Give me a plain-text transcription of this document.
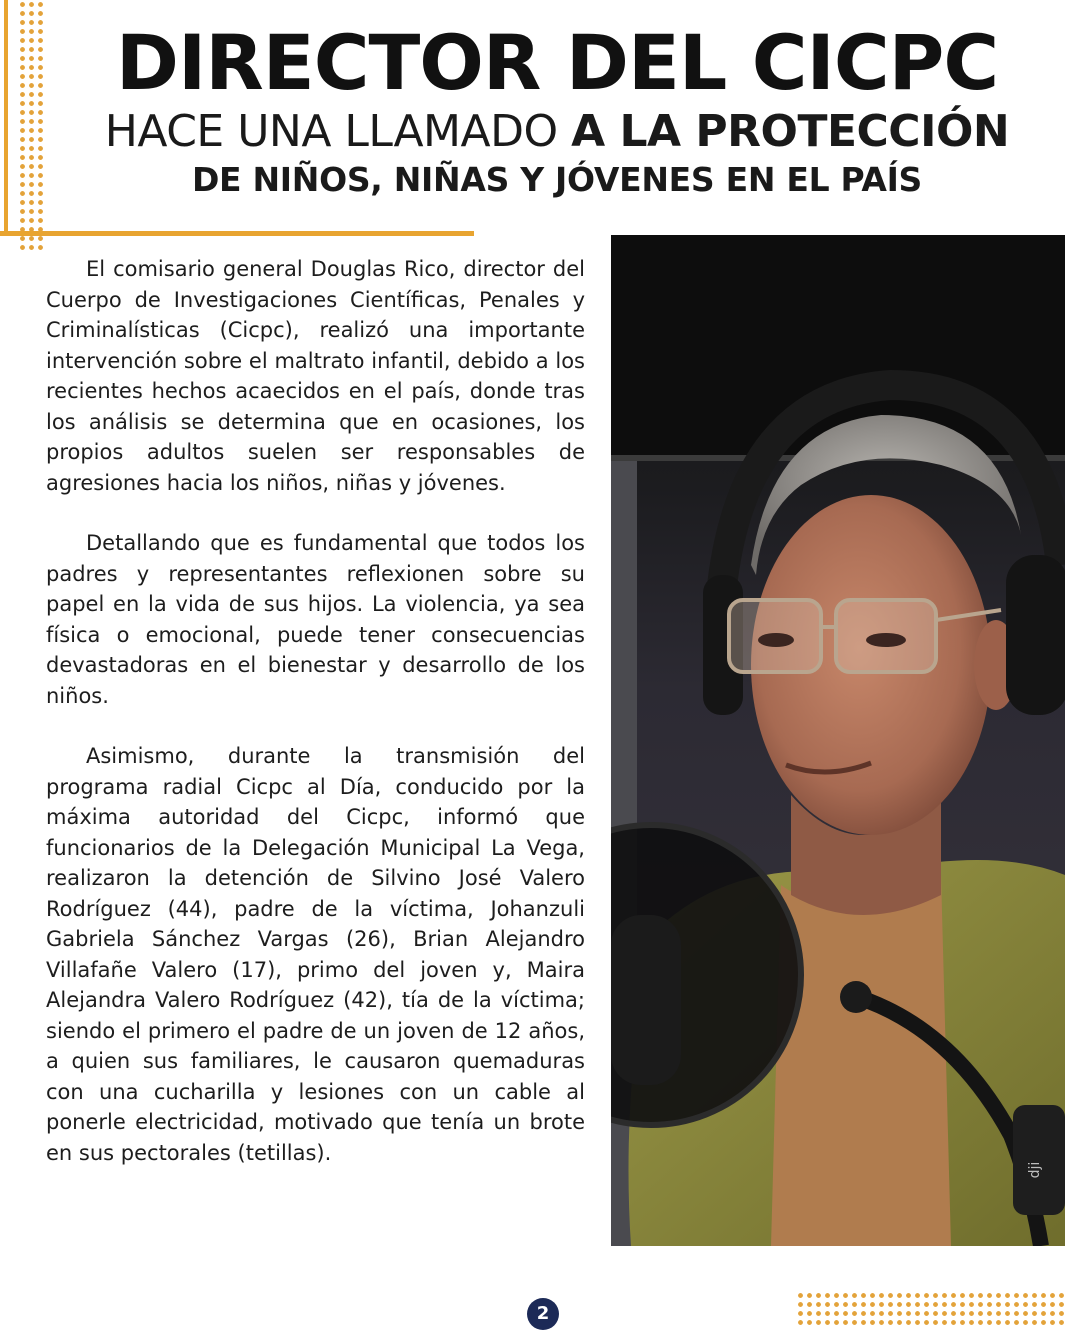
DIRECTOR DEL CICPC
HACE UNA LLAMADO A LA PROTECCIÓN
DE NIÑOS, NIÑAS Y JÓVENES EN EL PAÍS

El comisario general Douglas Rico, director del Cuerpo de Investigaciones Científicas, Penales y Criminalísticas (Cicpc), realizó una importante intervención sobre el maltrato infantil, debido a los recientes hechos acaecidos en el país, donde tras los análisis se determina que en ocasiones, los propios adultos suelen ser responsables de agresiones hacia los niños, niñas y jóvenes.

Detallando que es fundamental que todos los padres y representantes reflexionen sobre su papel en la vida de sus hijos. La violencia, ya sea física o emocional, puede tener consecuencias devastadoras en el bienestar y desarrollo de los niños.

Asimismo, durante la transmisión del programa radial Cicpc al Día, conducido por la máxima autoridad del Cicpc, informó que funcionarios de la Delegación Municipal La Vega, realizaron la detención de Silvino José Valero Rodríguez (44), padre de la víctima, Johanzuli Gabriela Sánchez Vargas (26), Brian Alejandro Villafañe Valero (17), primo del joven y, Maira Alejandra Valero Rodríguez (42), tía de la víctima; siendo el primero el padre de un joven de 12 años, a quien sus familiares, le causaron quemaduras con una cucharilla y lesiones con un cable al ponerle electricidad, motivado que tenía un brote en sus pectorales (tetillas).

dji
2
